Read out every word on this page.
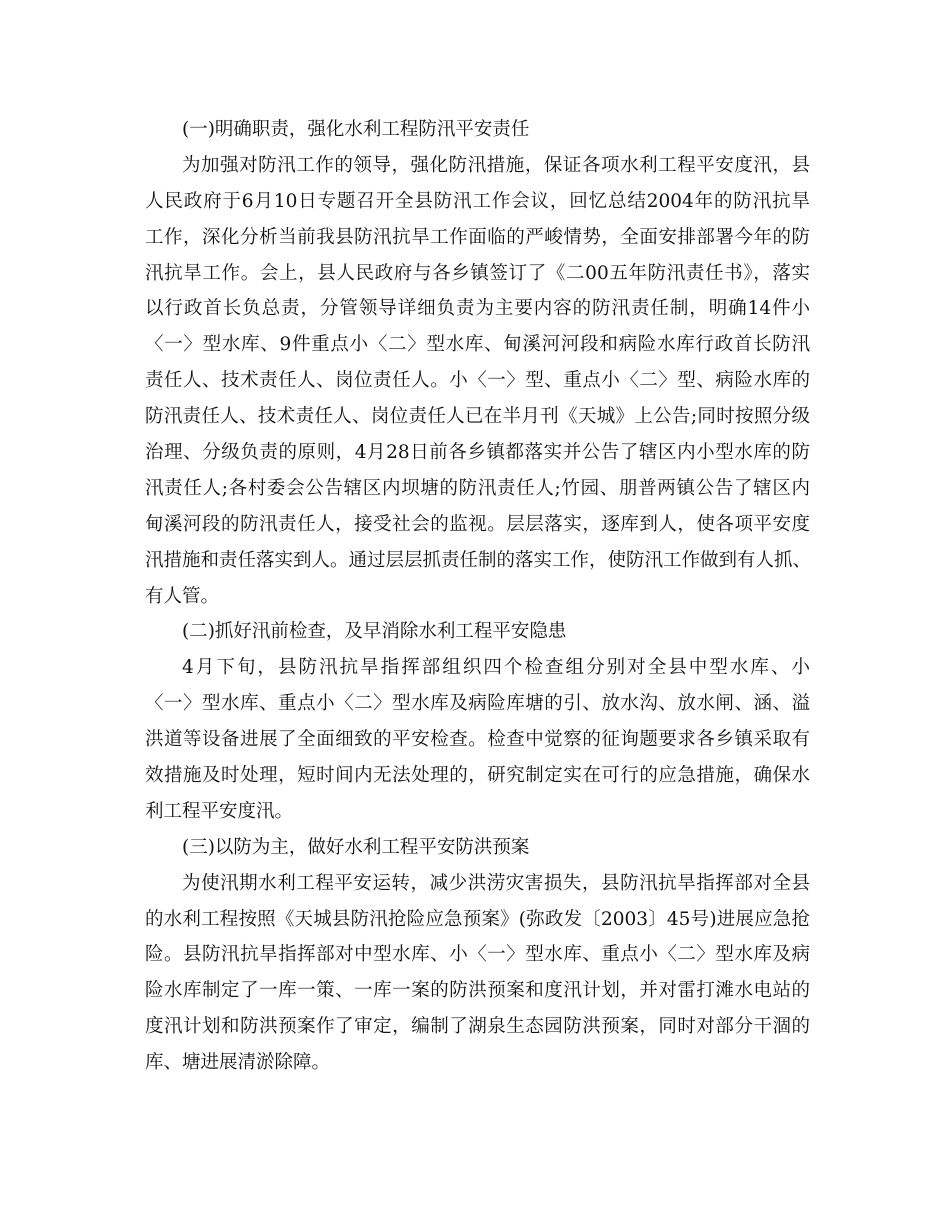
(一)明确职责，强化水利工程防汛平安责任
为加强对防汛工作的领导，强化防汛措施，保证各项水利工程平安度汛，县
人民政府于6月10日专题召开全县防汛工作会议，回忆总结2004年的防汛抗旱
工作，深化分析当前我县防汛抗旱工作面临的严峻情势，全面安排部署今年的防
汛抗旱工作。会上，县人民政府与各乡镇签订了《二00五年防汛责任书》，落实
以行政首长负总责，分管领导详细负责为主要内容的防汛责任制，明确14件小
〈一〉型水库、9件重点小〈二〉型水库、甸溪河河段和病险水库行政首长防汛
责任人、技术责任人、岗位责任人。小〈一〉型、重点小〈二〉型、病险水库的
防汛责任人、技术责任人、岗位责任人已在半月刊《天城》上公告;同时按照分级
治理、分级负责的原则，4月28日前各乡镇都落实并公告了辖区内小型水库的防
汛责任人;各村委会公告辖区内坝塘的防汛责任人;竹园、朋普两镇公告了辖区内
甸溪河段的防汛责任人，接受社会的监视。层层落实，逐库到人，使各项平安度
汛措施和责任落实到人。通过层层抓责任制的落实工作，使防汛工作做到有人抓、
有人管。
(二)抓好汛前检查，及早消除水利工程平安隐患
4月下旬，县防汛抗旱指挥部组织四个检查组分别对全县中型水库、小
〈一〉型水库、重点小〈二〉型水库及病险库塘的引、放水沟、放水闸、涵、溢
洪道等设备进展了全面细致的平安检查。检查中觉察的征询题要求各乡镇采取有
效措施及时处理，短时间内无法处理的，研究制定实在可行的应急措施，确保水
利工程平安度汛。
(三)以防为主，做好水利工程平安防洪预案
为使汛期水利工程平安运转，减少洪涝灾害损失，县防汛抗旱指挥部对全县
的水利工程按照《天城县防汛抢险应急预案》(弥政发〔2003〕45号)进展应急抢
险。县防汛抗旱指挥部对中型水库、小〈一〉型水库、重点小〈二〉型水库及病
险水库制定了一库一策、一库一案的防洪预案和度汛计划，并对雷打滩水电站的
度汛计划和防洪预案作了审定，编制了湖泉生态园防洪预案，同时对部分干涸的
库、塘进展清淤除障。
